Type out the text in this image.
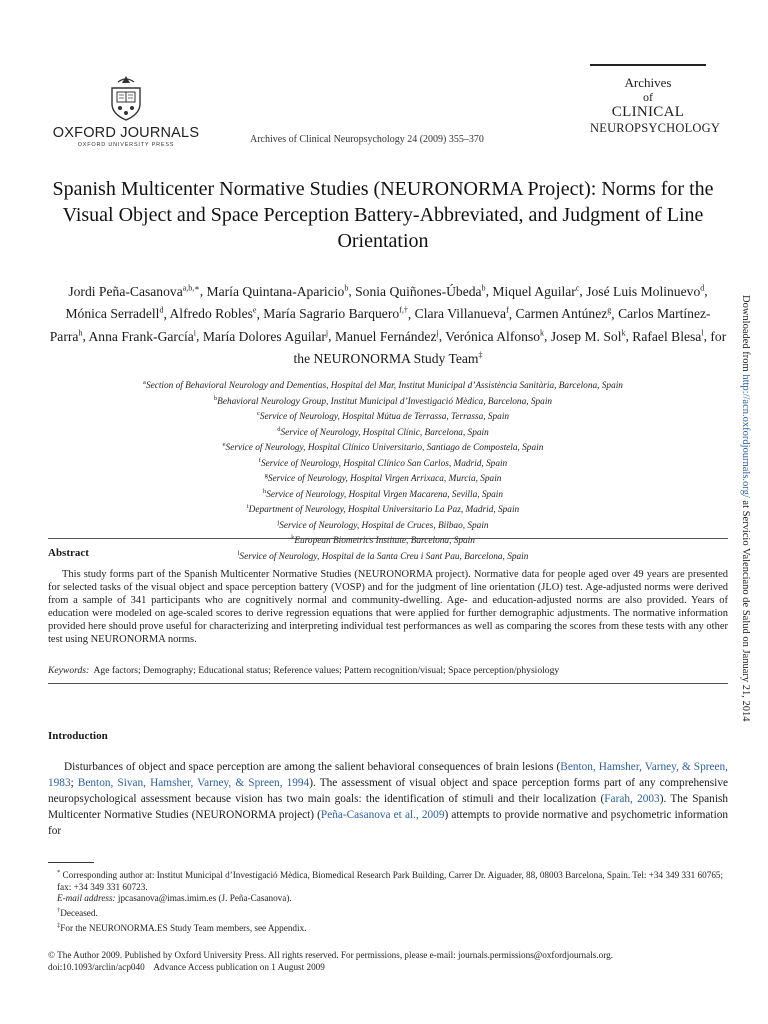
OXFORD JOURNALS
OXFORD UNIVERSITY PRESS	Archives of Clinical Neuropsychology 24 (2009) 355–370
Archives
of
CLINICAL
NEUROPSYCHOLOGY
Downloaded from http://acn.oxfordjournals.org/ at Servicio Valenciano de Salud on January 21, 2014
Spanish Multicenter Normative Studies (NEURONORMA Project): Norms for the Visual Object and Space Perception Battery-Abbreviated, and Judgment of Line Orientation
Jordi Peña-Casanova$^{a,b,∗}$, María Quintana-Aparicio$^b$, Sonia Quiñones-Úbeda$^b$, Miquel Aguilar$^c$, José Luis Molinuevo$^d$, Mónica Serradell$^d$, Alfredo Robles$^e$, María Sagrario Barquero$^{f,\dagger}$, Clara Villanueva$^f$, Carmen Antúnez$^g$, Carlos Martínez-Parra$^h$, Anna Frank-García$^i$, María Dolores Aguilar$^j$, Manuel Fernández$^j$, Verónica Alfonso$^k$, Josep M. Sol$^k$, Rafael Blesa$^l$, for the NEURONORMA Study Team‡
$^a$Section of Behavioral Neurology and Dementias, Hospital del Mar, Institut Municipal d’Assistència Sanitària, Barcelona, Spain
$^b$Behavioral Neurology Group, Institut Municipal d’Investigació Mèdica, Barcelona, Spain
$^c$Service of Neurology, Hospital Mútua de Terrassa, Terrassa, Spain
$^d$Service of Neurology, Hospital Clínic, Barcelona, Spain
$^e$Service of Neurology, Hospital Clínico Universitario, Santiago de Compostela, Spain
$^f$Service of Neurology, Hospital Clínico San Carlos, Madrid, Spain
$^g$Service of Neurology, Hospital Virgen Arrixaca, Murcia, Spain
$^h$Service of Neurology, Hospital Virgen Macarena, Sevilla, Spain
$^i$Department of Neurology, Hospital Universitario La Paz, Madrid, Spain
$^j$Service of Neurology, Hospital de Cruces, Bilbao, Spain
$^k$European Biometrics Institute, Barcelona, Spain
$^l$Service of Neurology, Hospital de la Santa Creu i Sant Pau, Barcelona, Spain
Abstract
This study forms part of the Spanish Multicenter Normative Studies (NEURONORMA project). Normative data for people aged over 49 years are presented for selected tasks of the visual object and space perception battery (VOSP) and for the judgment of line orientation (JLO) test. Age-adjusted norms were derived from a sample of 341 participants who are cognitively normal and community-dwelling. Age- and education-adjusted norms are also provided. Years of education were modeled on age-scaled scores to derive regression equations that were applied for further demographic adjustments. The normative information provided here should prove useful for characterizing and interpreting individual test performances as well as comparing the scores from these tests with any other test using NEURONORMA norms.
Keywords: Age factors; Demography; Educational status; Reference values; Pattern recognition/visual; Space perception/physiology
Introduction
Disturbances of object and space perception are among the salient behavioral consequences of brain lesions (Benton, Hamsher, Varney, & Spreen, 1983; Benton, Sivan, Hamsher, Varney, & Spreen, 1994). The assessment of visual object and space perception forms part of any comprehensive neuropsychological assessment because vision has two main goals: the identification of stimuli and their localization (Farah, 2003). The Spanish Multicenter Normative Studies (NEURONORMA project) (Peña-Casanova et al., 2009) attempts to provide normative and psychometric information for

* Corresponding author at: Institut Municipal d’Investigació Mèdica, Biomedical Research Park Building, Carrer Dr. Aiguader, 88, 08003 Barcelona, Spain. Tel: +34 349 331 60765; fax: +34 349 331 60723.

E-mail address: jpcasanova@imas.imim.es (J. Peña-Casanova).

†Deceased.

‡For the NEURONORMA.ES Study Team members, see Appendix.

© The Author 2009. Published by Oxford University Press. All rights reserved. For permissions, please e-mail: journals.permissions@oxfordjournals.org.

doi:10.1093/arclin/acp040    Advance Access publication on 1 August 2009
